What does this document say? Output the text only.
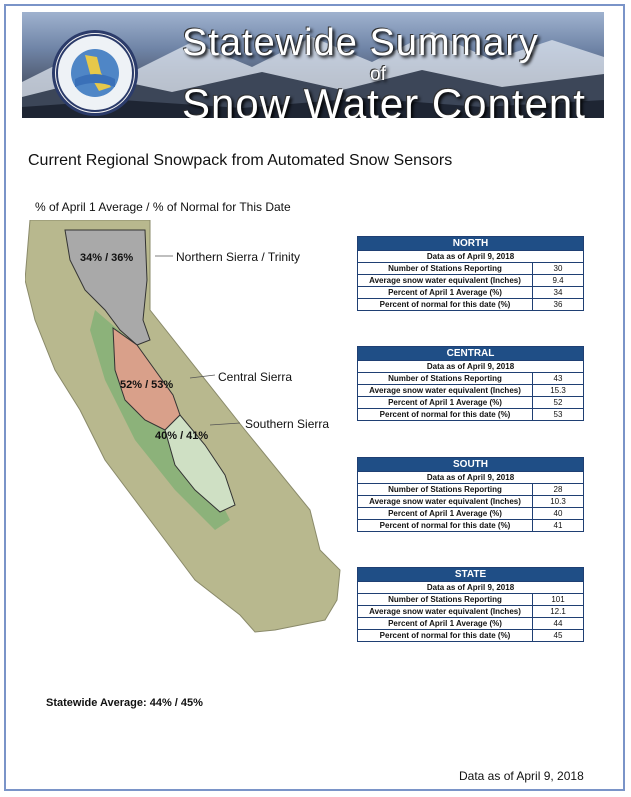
Statewide Summary
of
Snow Water Content
Current Regional Snowpack from Automated Snow Sensors
% of April 1 Average / % of Normal for This Date
34% / 36%	Northern Sierra / Trinity
52% / 53%
Central Sierra
40% / 41%
Southern Sierra
NORTH	
Data as of April 9, 2018	
Number of Stations Reporting	30
Average snow water equivalent (Inches)	9.4
Percent of April 1 Average (%)	34
Percent of normal for this date (%)	36
CENTRAL	
Data as of April 9, 2018	
Number of Stations Reporting	43
Average snow water equivalent (Inches)	15.3
Percent of April 1 Average (%)	52
Percent of normal for this date (%)	53
SOUTH	
Data as of April 9, 2018	
Number of Stations Reporting	28
Average snow water equivalent (Inches)	10.3
Percent of April 1 Average (%)	40
Percent of normal for this date (%)	41
STATE	
Data as of April 9, 2018	
Number of Stations Reporting	101
Average snow water equivalent (Inches)	12.1
Percent of April 1 Average (%)	44
Percent of normal for this date (%)	45
Statewide Average: 44% / 45%
Data as of April 9, 2018
